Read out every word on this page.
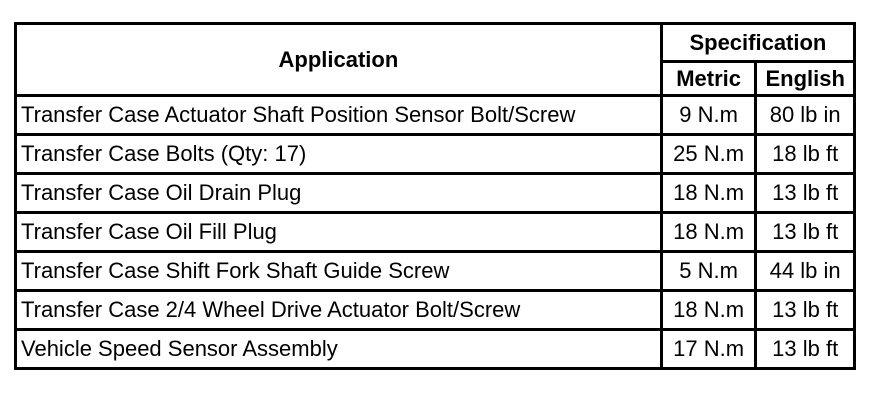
Application	Specification	
	Metric	English
Transfer Case Actuator Shaft Position Sensor Bolt/Screw	9 N.m	80 lb in
Transfer Case Bolts (Qty: 17)	25 N.m	18 lb ft
Transfer Case Oil Drain Plug	18 N.m	13 lb ft
Transfer Case Oil Fill Plug	18 N.m	13 lb ft
Transfer Case Shift Fork Shaft Guide Screw	5 N.m	44 lb in
Transfer Case 2/4 Wheel Drive Actuator Bolt/Screw	18 N.m	13 lb ft
Vehicle Speed Sensor Assembly	17 N.m	13 lb ft
